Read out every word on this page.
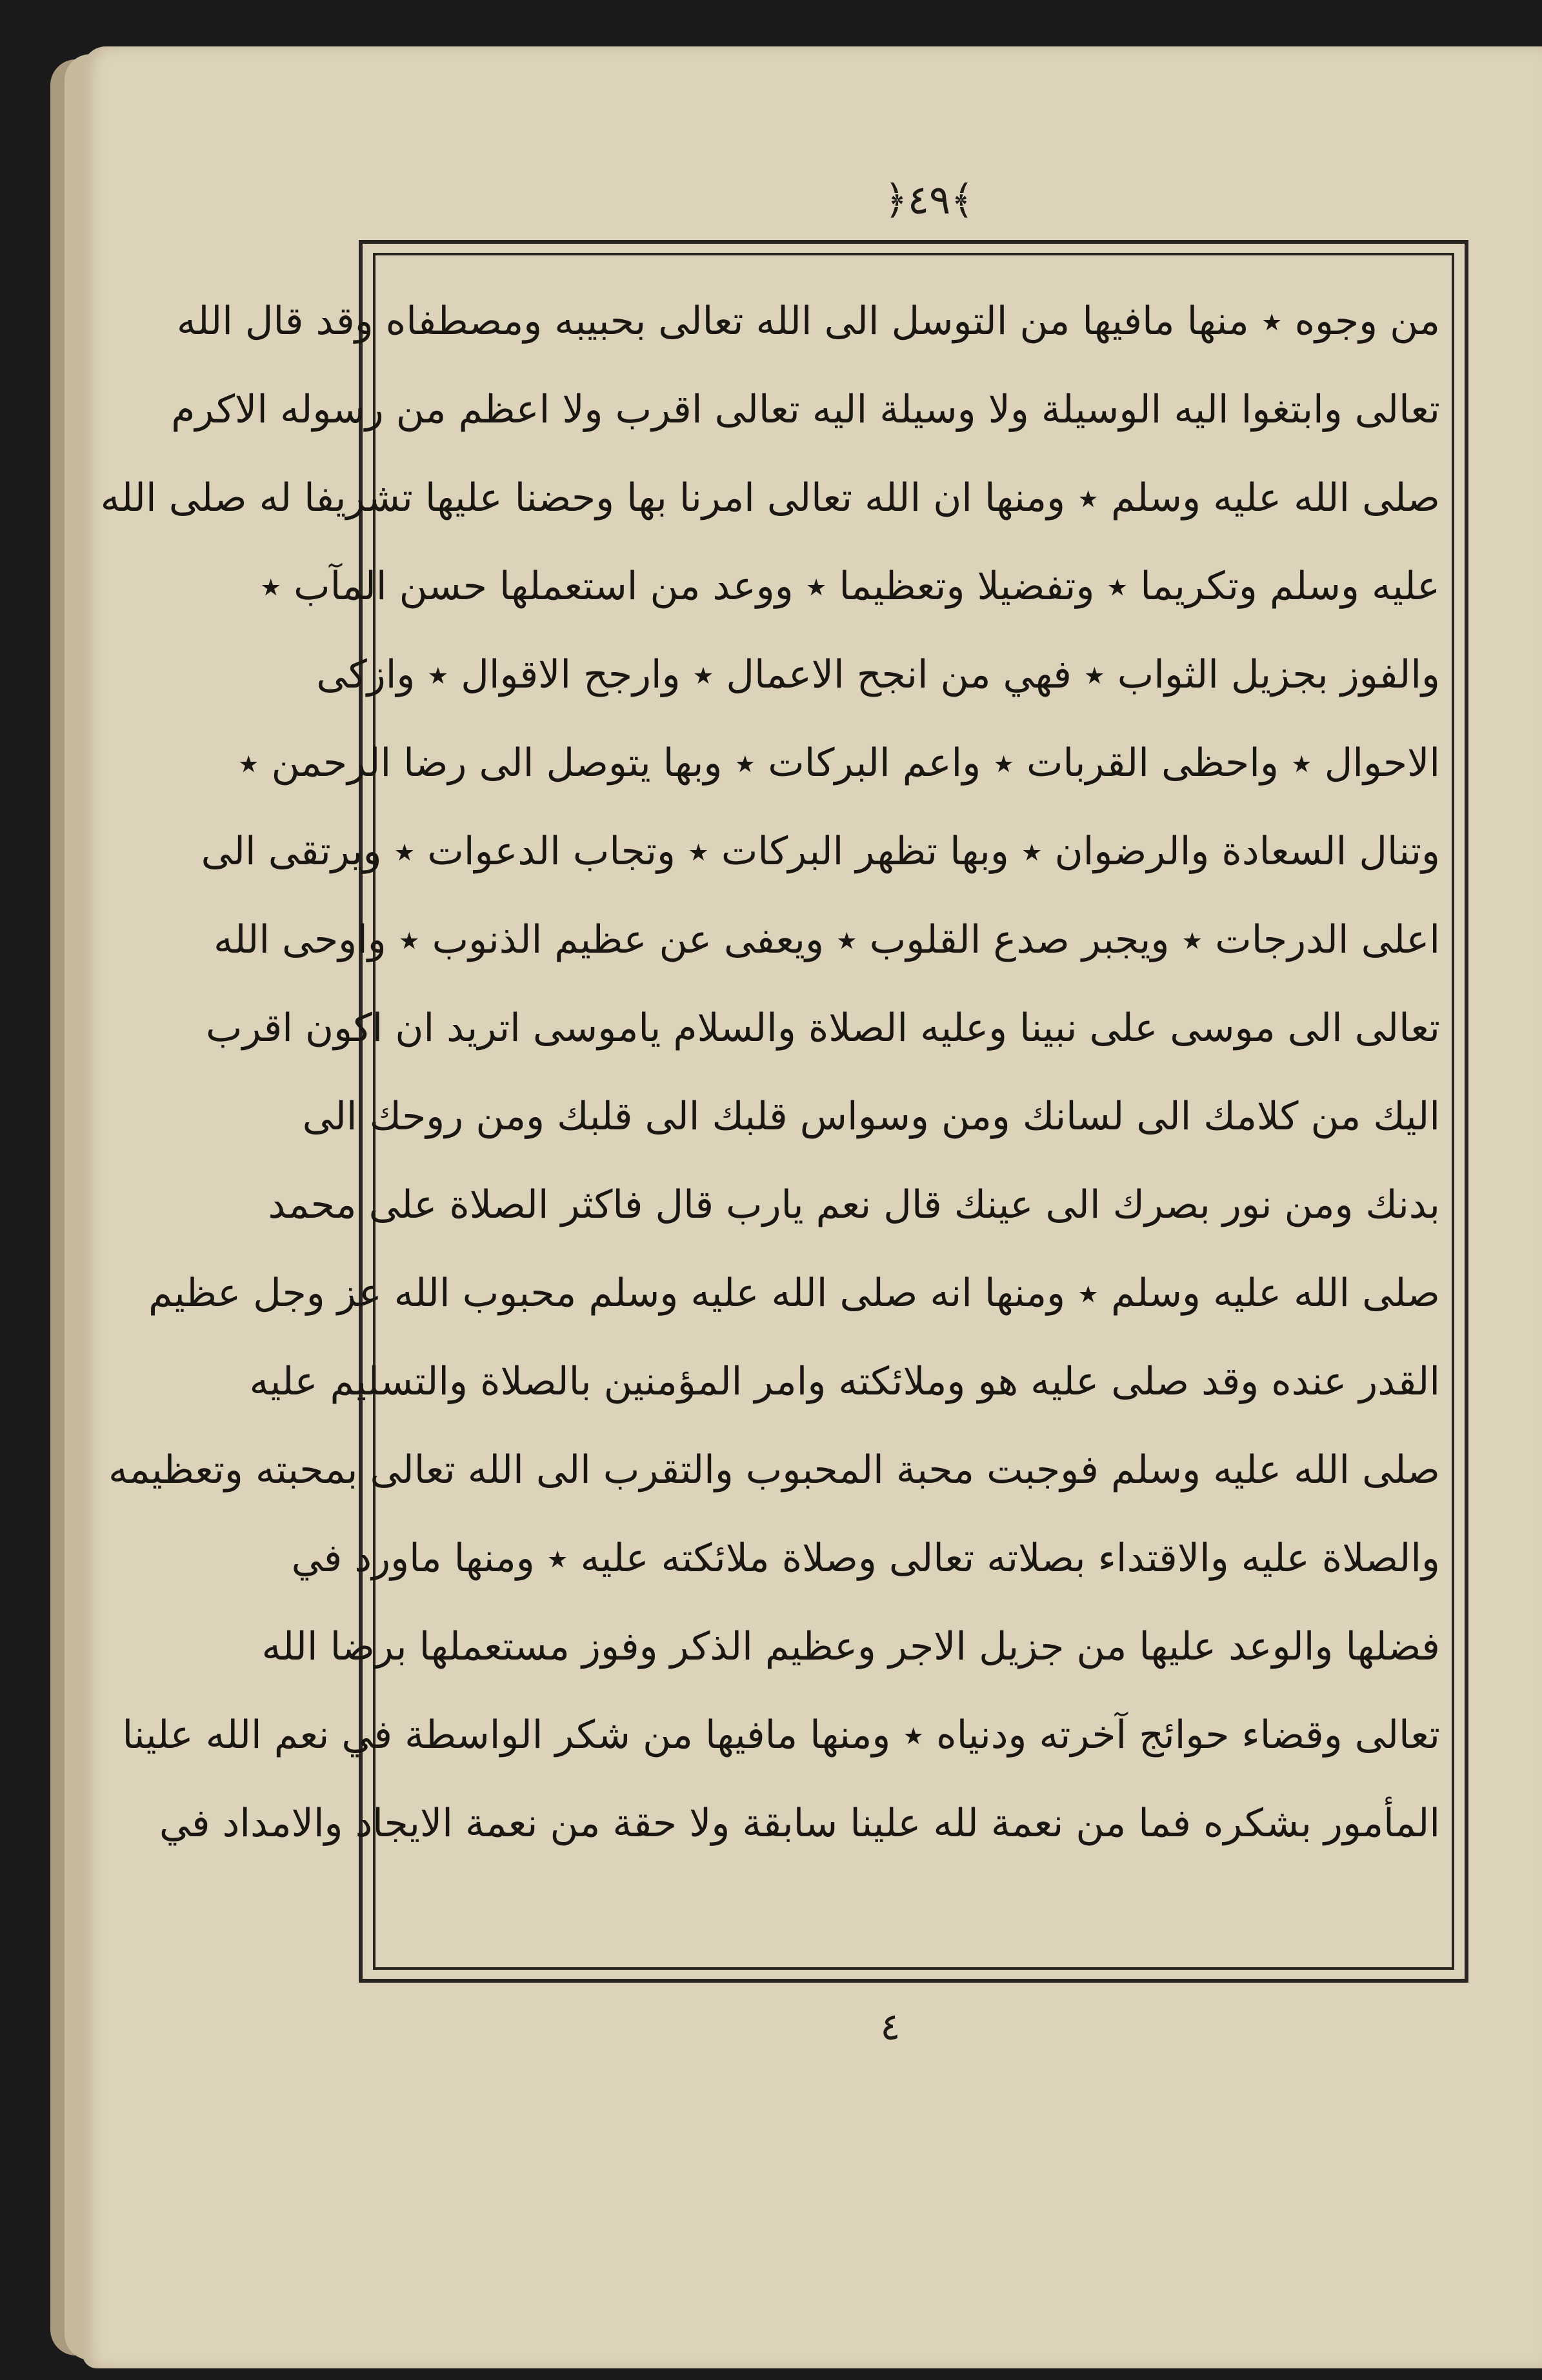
﴿٤٩﴾
من وجوه ٭ منها مافيها من التوسل الى الله تعالى بحبيبه ومصطفاه وقد قال الله
تعالى وابتغوا اليه الوسيلة ولا وسيلة اليه تعالى اقرب ولا اعظم من رسوله الاكرم
صلى الله عليه وسلم ٭ ومنها ان الله تعالى امرنا بها وحضنا عليها تشريفا له صلى الله
عليه وسلم وتكريما ٭ وتفضيلا وتعظيما ٭ ووعد من استعملها حسن المآب ٭
والفوز بجزيل الثواب ٭ فهي من انجح الاعمال ٭ وارجح الاقوال ٭ وازكى
الاحوال ٭ واحظى القربات ٭ واعم البركات ٭ وبها يتوصل الى رضا الرحمن ٭
وتنال السعادة والرضوان ٭ وبها تظهر البركات ٭ وتجاب الدعوات ٭ ويرتقى الى
اعلى الدرجات ٭ ويجبر صدع القلوب ٭ ويعفى عن عظيم الذنوب ٭ واوحى الله
تعالى الى موسى على نبينا وعليه الصلاة والسلام ياموسى اتريد ان اكون اقرب
اليك من كلامك الى لسانك ومن وسواس قلبك الى قلبك ومن روحك الى
بدنك ومن نور بصرك الى عينك قال نعم يارب قال فاكثر الصلاة على محمد
صلى الله عليه وسلم ٭ ومنها انه صلى الله عليه وسلم محبوب الله عز وجل عظيم
القدر عنده وقد صلى عليه هو وملائكته وامر المؤمنين بالصلاة والتسليم عليه
صلى الله عليه وسلم فوجبت محبة المحبوب والتقرب الى الله تعالى بمحبته وتعظيمه
والصلاة عليه والاقتداء بصلاته تعالى وصلاة ملائكته عليه ٭ ومنها ماورد في
فضلها والوعد عليها من جزيل الاجر وعظيم الذكر وفوز مستعملها برضا الله
تعالى وقضاء حوائج آخرته ودنياه ٭ ومنها مافيها من شكر الواسطة في نعم الله علينا
المأمور بشكره فما من نعمة لله علينا سابقة ولا حقة من نعمة الايجاد والامداد في
٤
